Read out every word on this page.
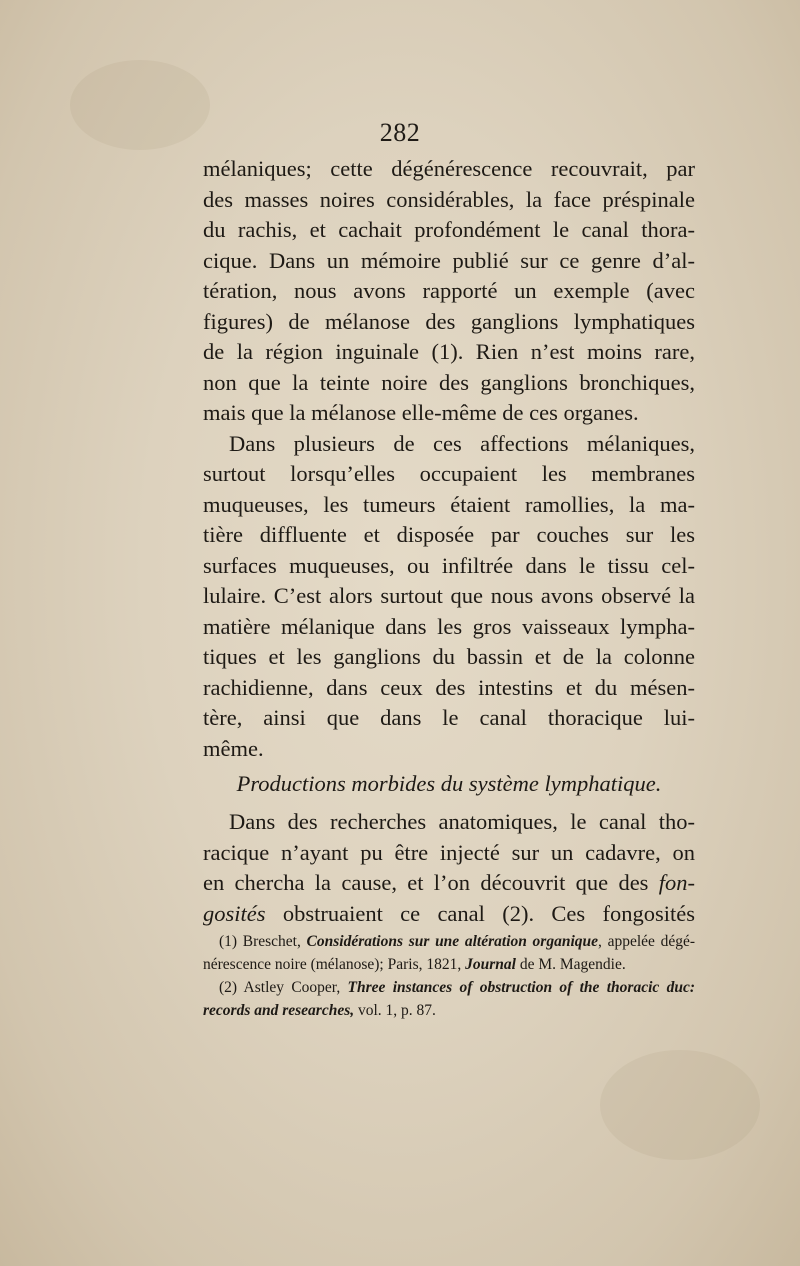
282
mélaniques; cette dégénérescence recouvrait, par
des masses noires considérables, la face préspinale
du rachis, et cachait profondément le canal thora-
cique. Dans un mémoire publié sur ce genre d’al-
tération, nous avons rapporté un exemple (avec
figures) de mélanose des ganglions lymphatiques
de la région inguinale (1). Rien n’est moins rare,
non que la teinte noire des ganglions bronchiques,
mais que la mélanose elle-même de ces organes.
Dans plusieurs de ces affections mélaniques,
surtout lorsqu’elles occupaient les membranes
muqueuses, les tumeurs étaient ramollies, la ma-
tière diffluente et disposée par couches sur les
surfaces muqueuses, ou infiltrée dans le tissu cel-
lulaire. C’est alors surtout que nous avons observé la
matière mélanique dans les gros vaisseaux lympha-
tiques et les ganglions du bassin et de la colonne
rachidienne, dans ceux des intestins et du mésen-
tère, ainsi que dans le canal thoracique lui-
même.
Productions morbides du système lymphatique.
Dans des recherches anatomiques, le canal tho-
racique n’ayant pu être injecté sur un cadavre, on
en chercha la cause, et l’on découvrit que des fon-
gosités obstruaient ce canal (2). Ces fongosités
(1) Breschet, Considérations sur une altération organique, appelée dégé-
nérescence noire (mélanose); Paris, 1821, Journal de M. Magendie.
(2) Astley Cooper, Three instances of obstruction of the thoracic duc:
records and researches, vol. 1, p. 87.
